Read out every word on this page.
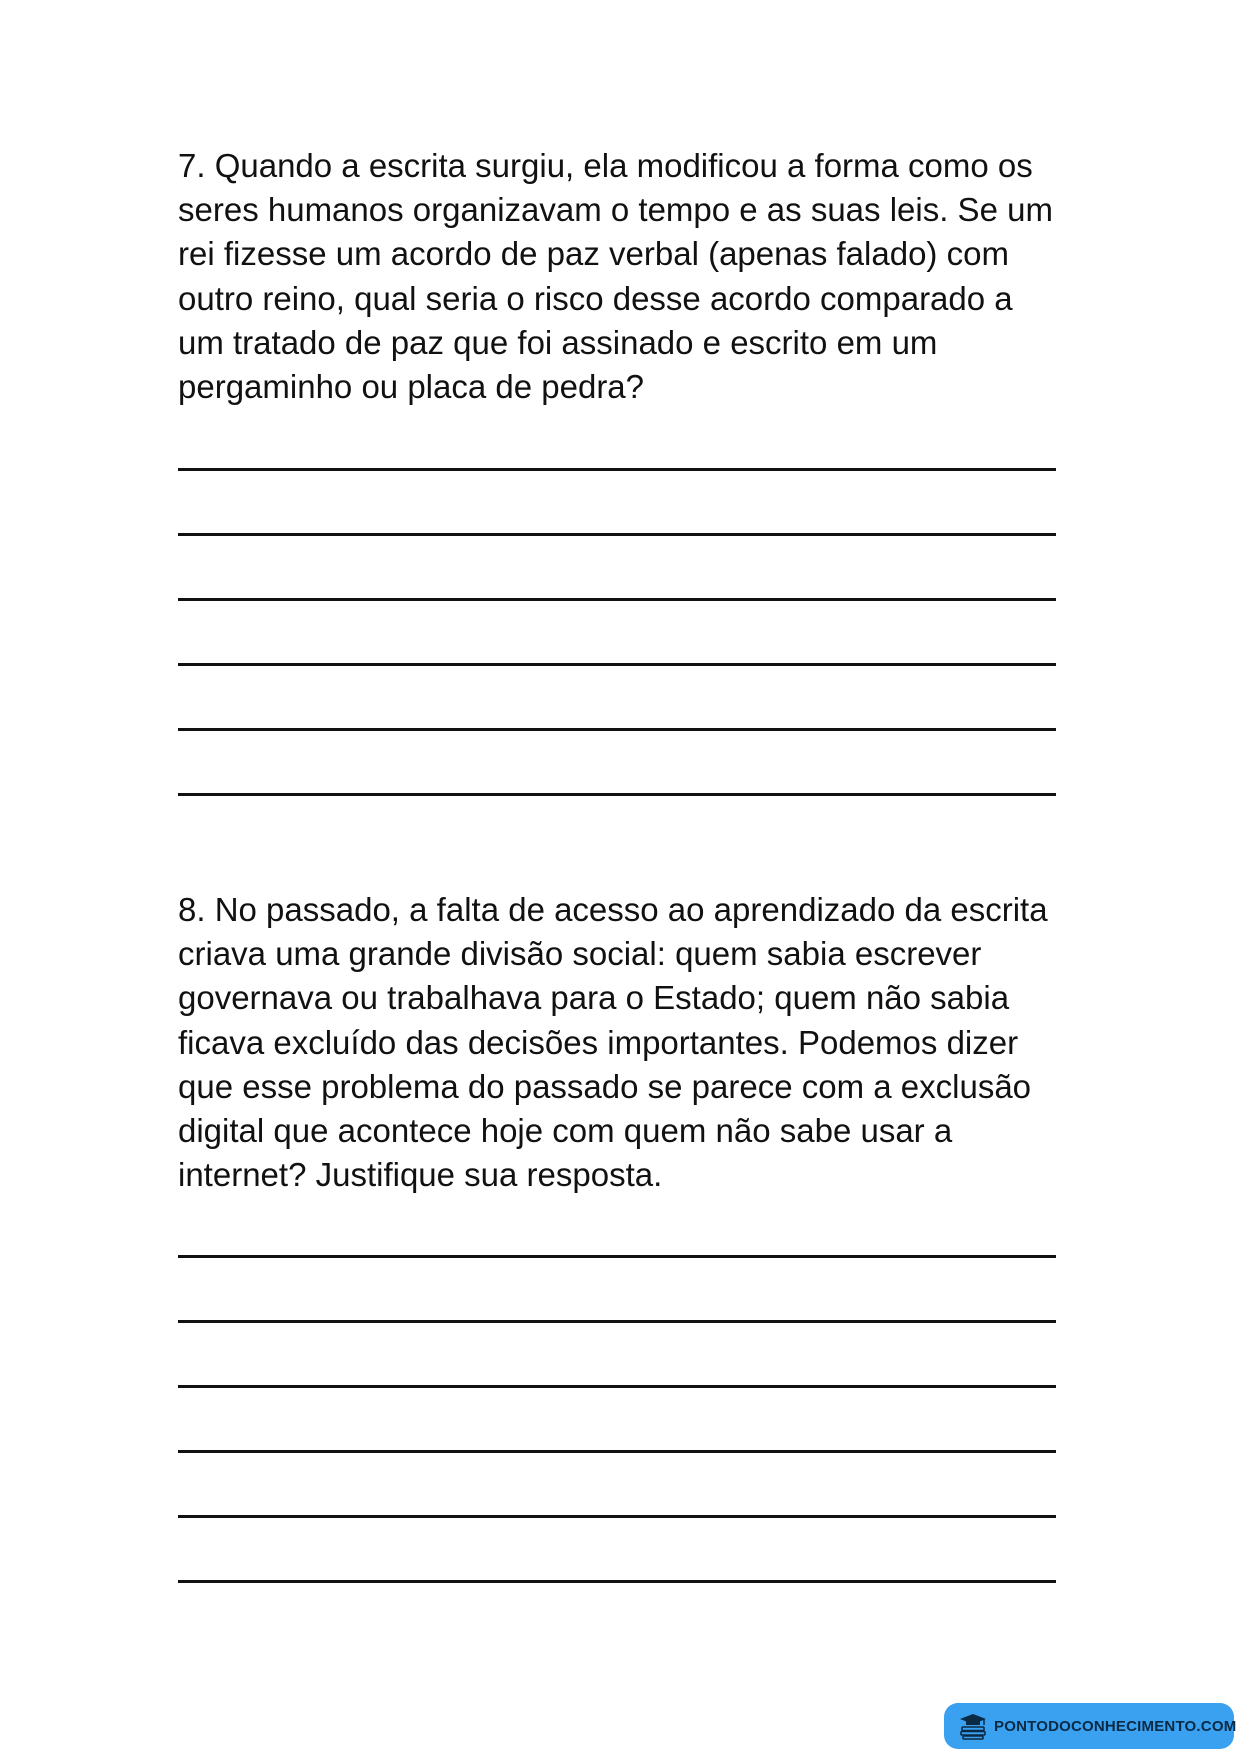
7. Quando a escrita surgiu, ela modificou a forma como os
seres humanos organizavam o tempo e as suas leis. Se um
rei fizesse um acordo de paz verbal (apenas falado) com
outro reino, qual seria o risco desse acordo comparado a
um tratado de paz que foi assinado e escrito em um
pergaminho ou placa de pedra?

8. No passado, a falta de acesso ao aprendizado da escrita
criava uma grande divisão social: quem sabia escrever
governava ou trabalhava para o Estado; quem não sabia
ficava excluído das decisões importantes. Podemos dizer
que esse problema do passado se parece com a exclusão
digital que acontece hoje com quem não sabe usar a
internet? Justifique sua resposta.

PONTODOCONHECIMENTO.COM
